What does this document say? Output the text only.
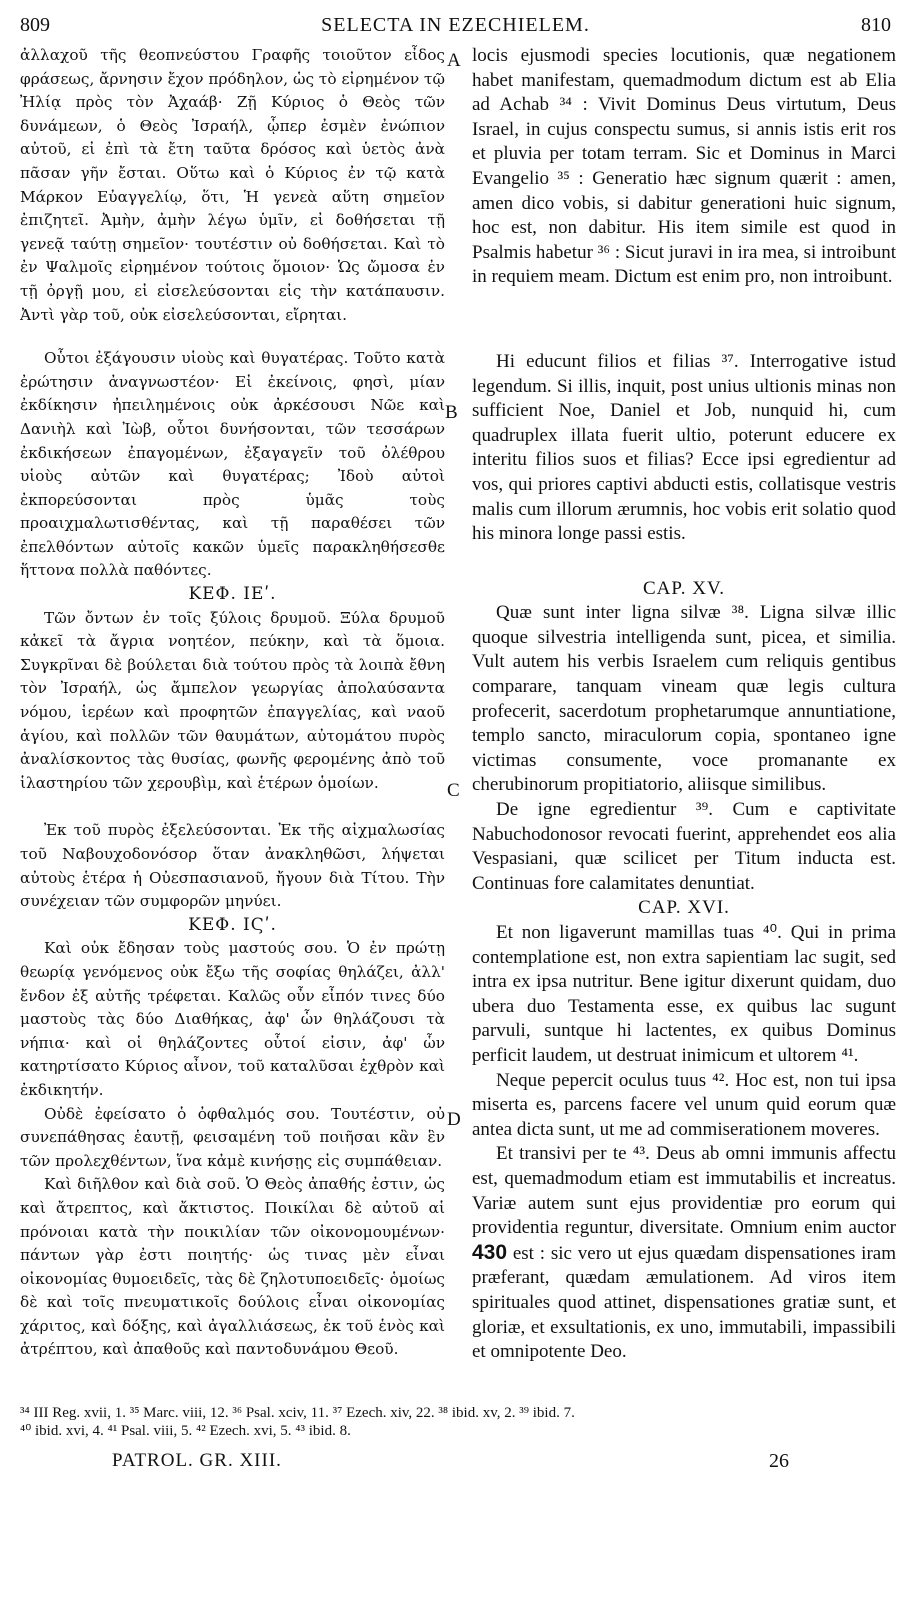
809	SELECTA IN EZECHIELEM.	810

ἀλλαχοῦ τῆς θεοπνεύστου Γραφῆς τοιοῦτον εἶδος φράσεως, ἄρνησιν ἔχον πρόδηλον, ὡς τὸ εἰρημένον τῷ Ἠλίᾳ πρὸς τὸν Ἀχαάβ· Ζῇ Κύριος ὁ Θεὸς τῶν δυνάμεων, ὁ Θεὸς Ἰσραήλ, ᾧπερ ἐσμὲν ἐνώπιον αὐτοῦ, εἰ ἐπὶ τὰ ἔτη ταῦτα δρόσος καὶ ὑετὸς ἀνὰ πᾶσαν γῆν ἔσται. Οὕτω καὶ ὁ Κύριος ἐν τῷ κατὰ Μάρκον Εὐαγγελίῳ, ὅτι, Ἡ γενεὰ αὕτη σημεῖον ἐπιζητεῖ. Ἀμὴν, ἀμὴν λέγω ὑμῖν, εἰ δοθήσεται τῇ γενεᾷ ταύτῃ σημεῖον· τουτέστιν οὐ δοθήσεται. Καὶ τὸ ἐν Ψαλμοῖς εἰρημένον τούτοις ὅμοιον· Ὡς ὤμοσα ἐν τῇ ὀργῇ μου, εἰ εἰσελεύσονται εἰς τὴν κατάπαυσιν. Ἀντὶ γὰρ τοῦ, οὐκ εἰσελεύσονται, εἴρηται.

Οὗτοι ἐξάγουσιν υἱοὺς καὶ θυγατέρας. Τοῦτο κατὰ ἐρώτησιν ἀναγνωστέον· Εἰ ἐκείνοις, φησὶ, μίαν ἐκδίκησιν ἠπειλημένοις οὐκ ἀρκέσουσι Νῶε καὶ Δανιὴλ καὶ Ἰὼβ, οὗτοι δυνήσονται, τῶν τεσσάρων ἐκδικήσεων ἐπαγομένων, ἐξαγαγεῖν τοῦ ὀλέθρου υἱοὺς αὐτῶν καὶ θυγατέρας; Ἰδοὺ αὐτοὶ ἐκπορεύσονται πρὸς ὑμᾶς τοὺς προαιχμαλωτισθέντας, καὶ τῇ παραθέσει τῶν ἐπελθόντων αὐτοῖς κακῶν ὑμεῖς παρακληθήσεσθε ἥττονα πολλὰ παθόντες.

ΚΕΦ. ΙΕʹ.

Τῶν ὄντων ἐν τοῖς ξύλοις δρυμοῦ. Ξύλα δρυμοῦ κἀκεῖ τὰ ἄγρια νοητέον, πεύκην, καὶ τὰ ὅμοια. Συγκρῖναι δὲ βούλεται διὰ τούτου πρὸς τὰ λοιπὰ ἔθνη τὸν Ἰσραήλ, ὡς ἄμπελον γεωργίας ἀπολαύσαντα νόμου, ἱερέων καὶ προφητῶν ἐπαγγελίας, καὶ ναοῦ ἁγίου, καὶ πολλῶν τῶν θαυμάτων, αὐτομάτου πυρὸς ἀναλίσκοντος τὰς θυσίας, φωνῆς φερομένης ἀπὸ τοῦ ἱλαστηρίου τῶν χερουβὶμ, καὶ ἑτέρων ὁμοίων.

Ἐκ τοῦ πυρὸς ἐξελεύσονται. Ἐκ τῆς αἰχμαλωσίας τοῦ Ναβουχοδονόσορ ὅταν ἀνακληθῶσι, λήψεται αὐτοὺς ἑτέρα ἡ Οὐεσπασιανοῦ, ἤγουν διὰ Τίτου. Τὴν συνέχειαν τῶν συμφορῶν μηνύει.

ΚΕΦ. ΙϚʹ.

Καὶ οὐκ ἔδησαν τοὺς μαστούς σου. Ὁ ἐν πρώτῃ θεωρίᾳ γενόμενος οὐκ ἔξω τῆς σοφίας θηλάζει, ἀλλ' ἔνδον ἐξ αὐτῆς τρέφεται. Καλῶς οὖν εἶπόν τινες δύο μαστοὺς τὰς δύο Διαθήκας, ἀφ' ὧν θηλάζουσι τὰ νήπια· καὶ οἱ θηλάζοντες οὗτοί εἰσιν, ἀφ' ὧν κατηρτίσατο Κύριος αἶνον, τοῦ καταλῦσαι ἐχθρὸν καὶ ἐκδικητήν.

Οὐδὲ ἐφείσατο ὁ ὀφθαλμός σου. Τουτέστιν, οὐ συνεπάθησας ἑαυτῇ, φεισαμένη τοῦ ποιῆσαι κἂν ἓν τῶν προλεχθέντων, ἵνα κἀμὲ κινήσῃς εἰς συμπάθειαν.

Καὶ διῆλθον καὶ διὰ σοῦ. Ὁ Θεὸς ἀπαθής ἐστιν, ὡς καὶ ἄτρεπτος, καὶ ἄκτιστος. Ποικίλαι δὲ αὐτοῦ αἱ πρόνοιαι κατὰ τὴν ποικιλίαν τῶν οἰκονομουμένων· πάντων γὰρ ἐστι ποιητής· ὡς τινας μὲν εἶναι οἰκονομίας θυμοειδεῖς, τὰς δὲ ζηλοτυποειδεῖς· ὁμοίως δὲ καὶ τοῖς πνευματικοῖς δούλοις εἶναι οἰκονομίας χάριτος, καὶ δόξης, καὶ ἀγαλλιάσεως, ἐκ τοῦ ἑνὸς καὶ ἀτρέπτου, καὶ ἀπαθοῦς καὶ παντοδυνάμου Θεοῦ.

locis ejusmodi species locutionis, quæ negationem habet manifestam, quemadmodum dictum est ab Elia ad Achab ³⁴ : Vivit Dominus Deus virtutum, Deus Israel, in cujus conspectu sumus, si annis istis erit ros et pluvia per totam terram. Sic et Dominus in Marci Evangelio ³⁵ : Generatio hæc signum quærit : amen, amen dico vobis, si dabitur generationi huic signum, hoc est, non dabitur. His item simile est quod in Psalmis habetur ³⁶ : Sicut juravi in ira mea, si introibunt in requiem meam. Dictum est enim pro, non introibunt.

Hi educunt filios et filias ³⁷. Interrogative istud legendum. Si illis, inquit, post unius ultionis minas non sufficient Noe, Daniel et Job, nunquid hi, cum quadruplex illata fuerit ultio, poterunt educere ex interitu filios suos et filias? Ecce ipsi egredientur ad vos, qui priores captivi abducti estis, collatisque vestris malis cum illorum ærumnis, hoc vobis erit solatio quod his minora longe passi estis.

CAP. XV.

Quæ sunt inter ligna silvæ ³⁸. Ligna silvæ illic quoque silvestria intelligenda sunt, picea, et similia. Vult autem his verbis Israelem cum reliquis gentibus comparare, tanquam vineam quæ legis cultura profecerit, sacerdotum prophetarumque annuntiatione, templo sancto, miraculorum copia, spontaneo igne victimas consumente, voce promanante ex cherubinorum propitiatorio, aliisque similibus.

De igne egredientur ³⁹. Cum e captivitate Nabuchodonosor revocati fuerint, apprehendet eos alia Vespasiani, quæ scilicet per Titum inducta est. Continuas fore calamitates denuntiat.

CAP. XVI.

Et non ligaverunt mamillas tuas ⁴⁰. Qui in prima contemplatione est, non extra sapientiam lac sugit, sed intra ex ipsa nutritur. Bene igitur dixerunt quidam, duo ubera duo Testamenta esse, ex quibus lac sugunt parvuli, suntque hi lactentes, ex quibus Dominus perficit laudem, ut destruat inimicum et ultorem ⁴¹.

Neque pepercit oculus tuus ⁴². Hoc est, non tui ipsa miserta es, parcens facere vel unum quid eorum quæ antea dicta sunt, ut me ad commiserationem moveres.

Et transivi per te ⁴³. Deus ab omni immunis affectu est, quemadmodum etiam est immutabilis et increatus. Variæ autem sunt ejus providentiæ pro eorum qui providentia reguntur, diversitate. Omnium enim auctor 430 est : sic vero ut ejus quædam dispensationes iram præferant, quædam æmulationem. Ad viros item spirituales quod attinet, dispensationes gratiæ sunt, et gloriæ, et exsultationis, ex uno, immutabili, impassibili et omnipotente Deo.

A
B
C
D
³⁴ III Reg. xvii, 1. ³⁵ Marc. viii, 12. ³⁶ Psal. xciv, 11. ³⁷ Ezech. xiv, 22. ³⁸ ibid. xv, 2. ³⁹ ibid. 7.
⁴⁰ ibid. xvi, 4. ⁴¹ Psal. viii, 5. ⁴² Ezech. xvi, 5. ⁴³ ibid. 8.
PATROL. GR. XIII.	26
